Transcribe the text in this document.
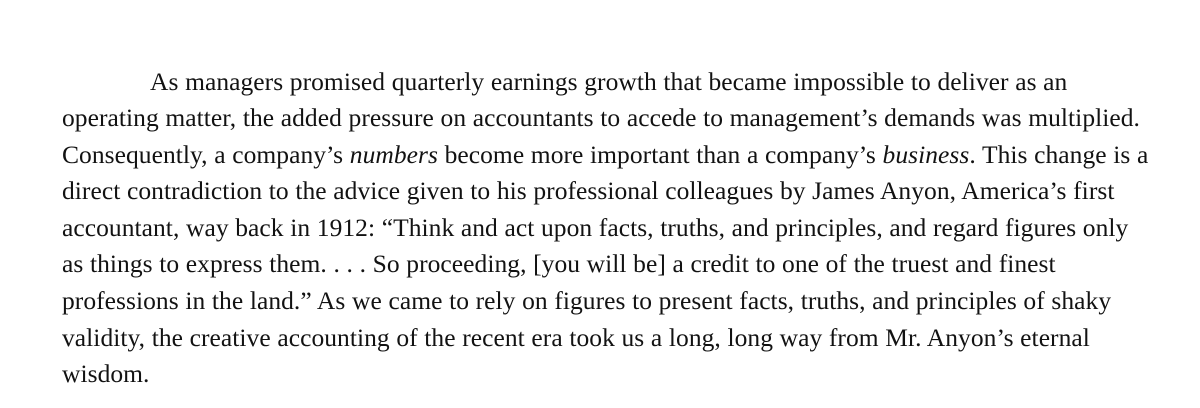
As managers promised quarterly earnings growth that became impossible to deliver as an operating matter, the added pressure on accountants to accede to management’s demands was multiplied. Consequently, a company’s numbers become more important than a company’s business. This change is a direct contradiction to the advice given to his professional colleagues by James Anyon, America’s first accountant, way back in 1912: “Think and act upon facts, truths, and principles, and regard figures only as things to express them. . . . So proceeding, [you will be] a credit to one of the truest and finest professions in the land.” As we came to rely on figures to present facts, truths, and principles of shaky validity, the creative accounting of the recent era took us a long, long way from Mr. Anyon’s eternal wisdom.
